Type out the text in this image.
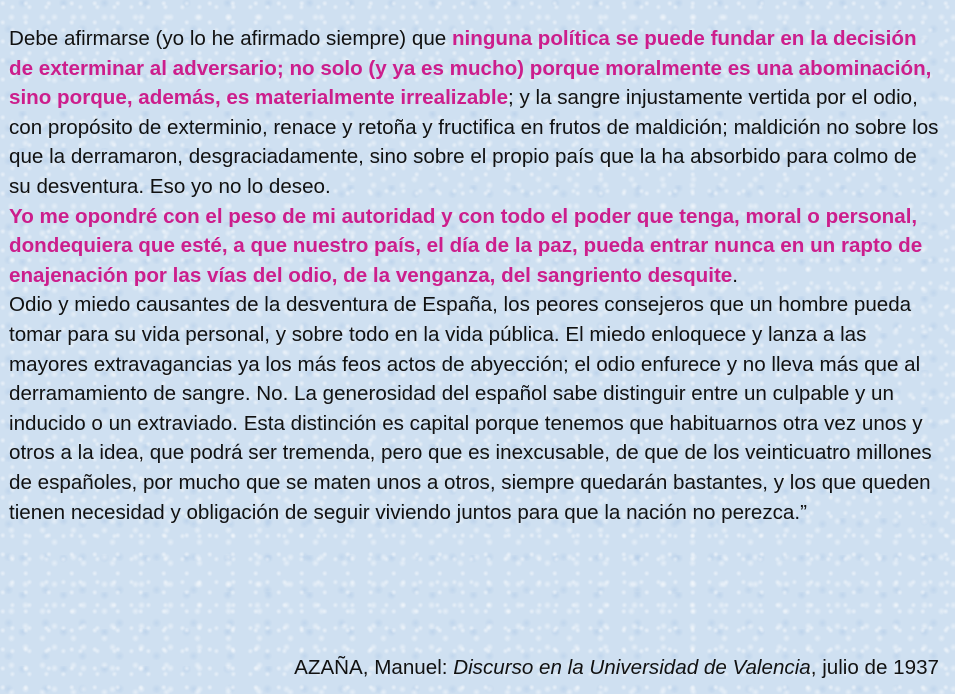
Debe afirmarse (yo lo he afirmado siempre) que ninguna política se puede fundar en la decisión de exterminar al adversario; no solo (y ya es mucho) porque moralmente es una abominación, sino porque, además, es materialmente irrealizable; y la sangre injustamente vertida por el odio, con propósito de exterminio, renace y retoña y fructifica en frutos de maldición; maldición no sobre los que la derramaron, desgraciadamente, sino sobre el propio país que la ha absorbido para colmo de su desventura. Eso yo no lo deseo.

Yo me opondré con el peso de mi autoridad y con todo el poder que tenga, moral o personal, dondequiera que esté, a que nuestro país, el día de la paz, pueda entrar nunca en un rapto de enajenación por las vías del odio, de la venganza, del sangriento desquite.

Odio y miedo causantes de la desventura de España, los peores consejeros que un hombre pueda tomar para su vida personal, y sobre todo en la vida pública. El miedo enloquece y lanza a las mayores extravagancias ya los más feos actos de abyección; el odio enfurece y no lleva más que al derramamiento de sangre. No. La generosidad del español sabe distinguir entre un culpable y un inducido o un extraviado. Esta distinción es capital porque tenemos que habituarnos otra vez unos y otros a la idea, que podrá ser tremenda, pero que es inexcusable, de que de los veinticuatro millones de españoles, por mucho que se maten unos a otros, siempre quedarán bastantes, y los que queden tienen necesidad y obligación de seguir viviendo juntos para que la nación no perezca.”

AZAÑA, Manuel: Discurso en la Universidad de Valencia, julio de 1937
